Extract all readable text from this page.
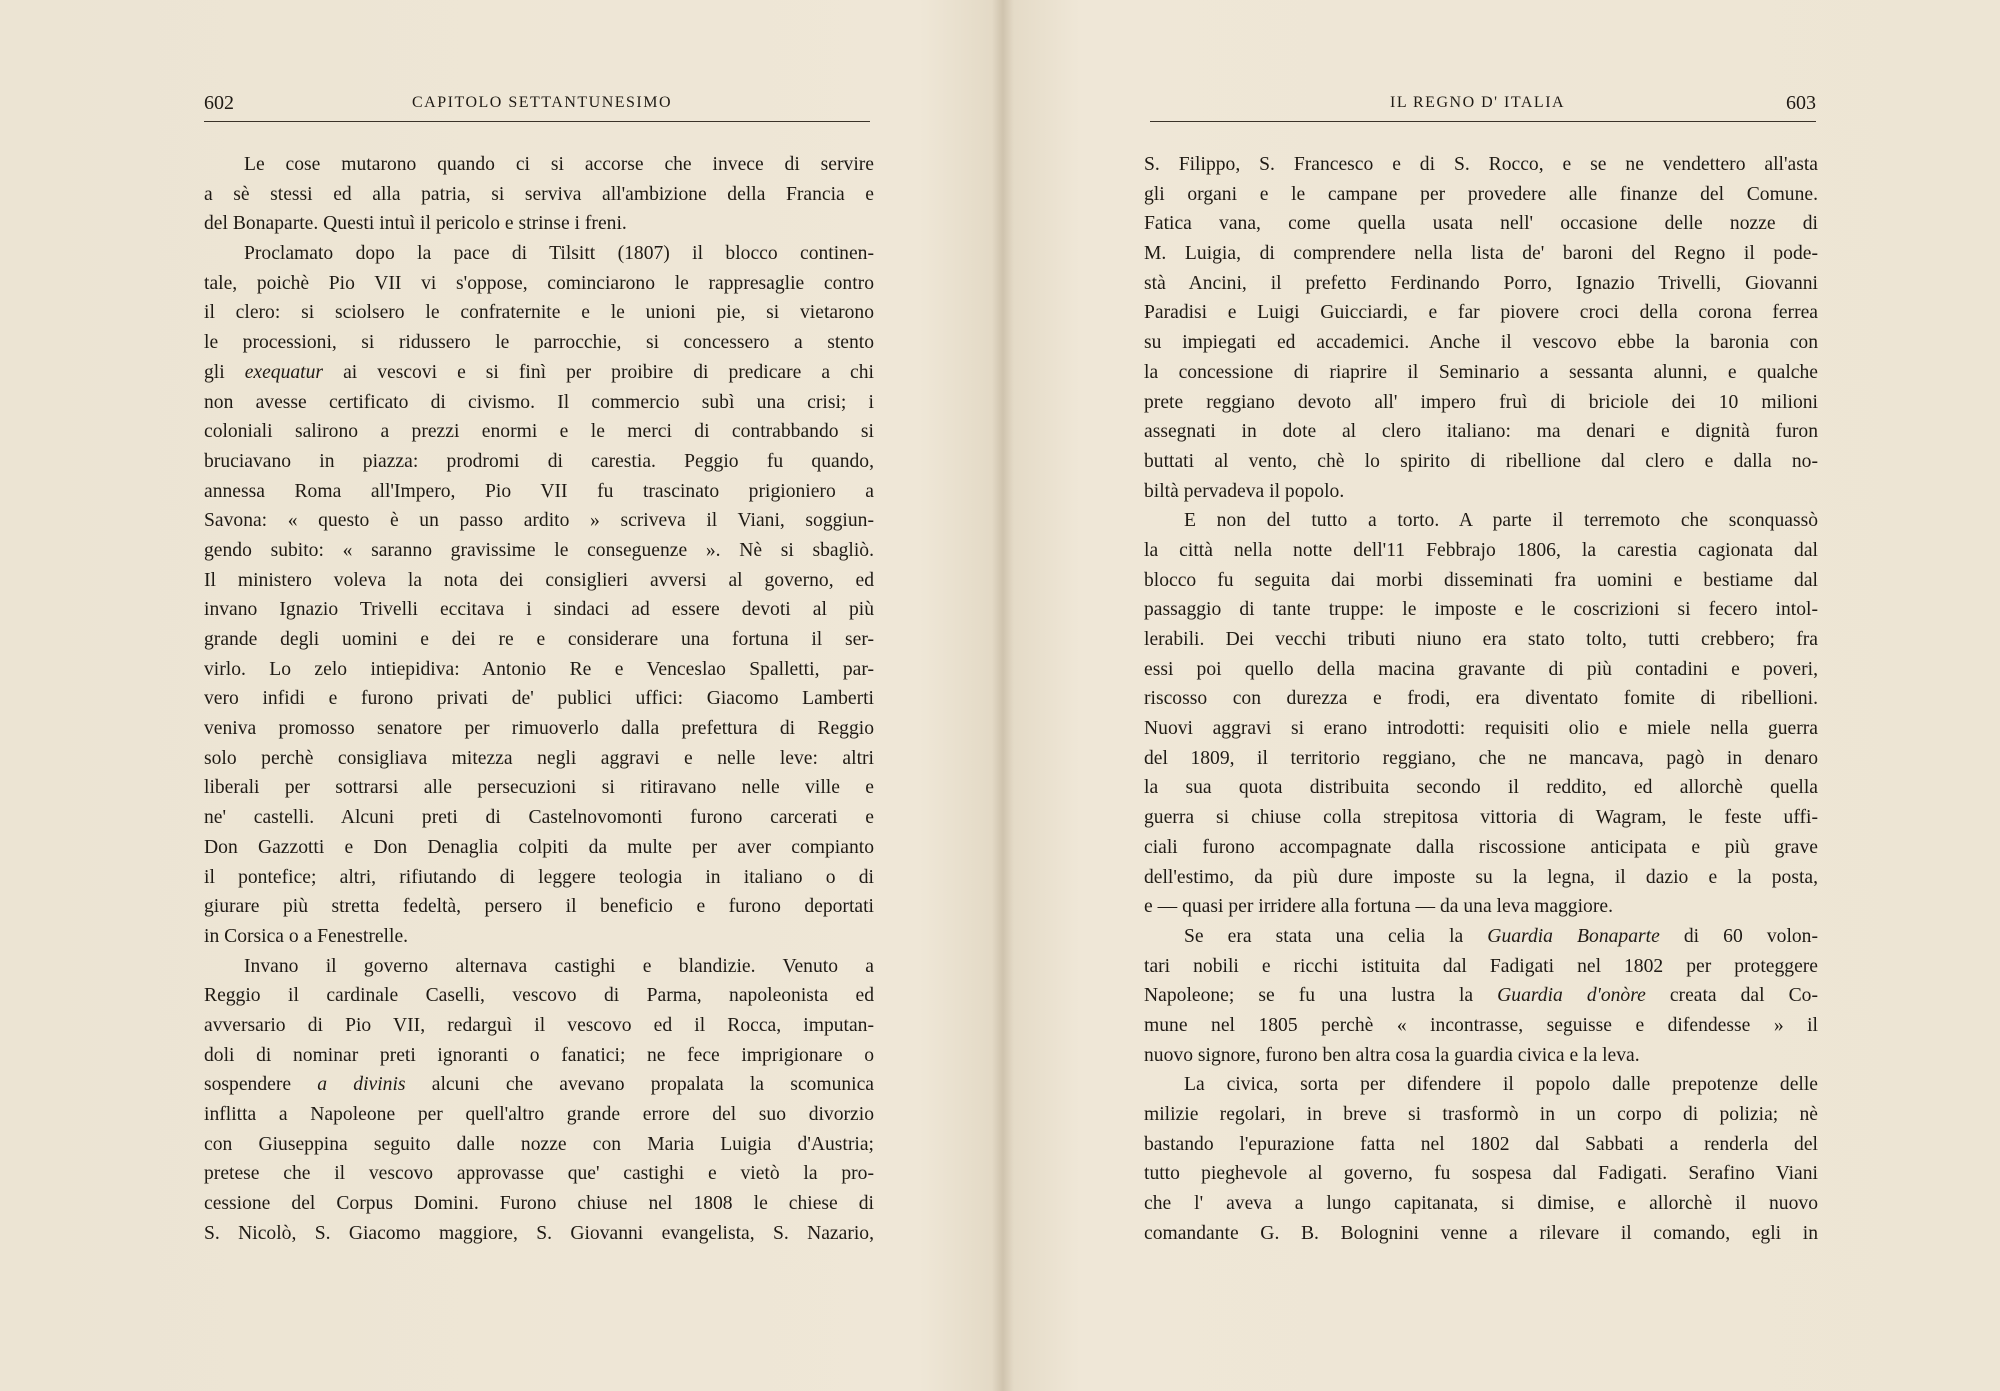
602	CAPITOLO SETTANTUNESIMO
Le cose mutarono quando ci si accorse che invece di servire
a sè stessi ed alla patria, si serviva all'ambizione della Francia e
del Bonaparte. Questi intuì il pericolo e strinse i freni.
Proclamato dopo la pace di Tilsitt (1807) il blocco continen-
tale, poichè Pio VII vi s'oppose, cominciarono le rappresaglie contro
il clero: si sciolsero le confraternite e le unioni pie, si vietarono
le processioni, si ridussero le parrocchie, si concessero a stento
gli exequatur ai vescovi e si finì per proibire di predicare a chi
non avesse certificato di civismo. Il commercio subì una crisi; i
coloniali salirono a prezzi enormi e le merci di contrabbando si
bruciavano in piazza: prodromi di carestia. Peggio fu quando,
annessa Roma all'Impero, Pio VII fu trascinato prigioniero a
Savona: « questo è un passo ardito » scriveva il Viani, soggiun-
gendo subito: « saranno gravissime le conseguenze ». Nè si sbagliò.
Il ministero voleva la nota dei consiglieri avversi al governo, ed
invano Ignazio Trivelli eccitava i sindaci ad essere devoti al più
grande degli uomini e dei re e considerare una fortuna il ser-
virlo. Lo zelo intiepidiva: Antonio Re e Venceslao Spalletti, par-
vero infidi e furono privati de' publici uffici: Giacomo Lamberti
veniva promosso senatore per rimuoverlo dalla prefettura di Reggio
solo perchè consigliava mitezza negli aggravi e nelle leve: altri
liberali per sottrarsi alle persecuzioni si ritiravano nelle ville e
ne' castelli. Alcuni preti di Castelnovomonti furono carcerati e
Don Gazzotti e Don Denaglia colpiti da multe per aver compianto
il pontefice; altri, rifiutando di leggere teologia in italiano o di
giurare più stretta fedeltà, persero il beneficio e furono deportati
in Corsica o a Fenestrelle.
Invano il governo alternava castighi e blandizie. Venuto a
Reggio il cardinale Caselli, vescovo di Parma, napoleonista ed
avversario di Pio VII, redarguì il vescovo ed il Rocca, imputan-
doli di nominar preti ignoranti o fanatici; ne fece imprigionare o
sospendere a divinis alcuni che avevano propalata la scomunica
inflitta a Napoleone per quell'altro grande errore del suo divorzio
con Giuseppina seguito dalle nozze con Maria Luigia d'Austria;
pretese che il vescovo approvasse que' castighi e vietò la pro-
cessione del Corpus Domini. Furono chiuse nel 1808 le chiese di
S. Nicolò, S. Giacomo maggiore, S. Giovanni evangelista, S. Nazario,
IL REGNO D' ITALIA	603
S. Filippo, S. Francesco e di S. Rocco, e se ne vendettero all'asta
gli organi e le campane per provedere alle finanze del Comune.
Fatica vana, come quella usata nell' occasione delle nozze di
M. Luigia, di comprendere nella lista de' baroni del Regno il pode-
stà Ancini, il prefetto Ferdinando Porro, Ignazio Trivelli, Giovanni
Paradisi e Luigi Guicciardi, e far piovere croci della corona ferrea
su impiegati ed accademici. Anche il vescovo ebbe la baronia con
la concessione di riaprire il Seminario a sessanta alunni, e qualche
prete reggiano devoto all' impero fruì di briciole dei 10 milioni
assegnati in dote al clero italiano: ma denari e dignità furon
buttati al vento, chè lo spirito di ribellione dal clero e dalla no-
biltà pervadeva il popolo.
E non del tutto a torto. A parte il terremoto che sconquassò
la città nella notte dell'11 Febbrajo 1806, la carestia cagionata dal
blocco fu seguita dai morbi disseminati fra uomini e bestiame dal
passaggio di tante truppe: le imposte e le coscrizioni si fecero intol-
lerabili. Dei vecchi tributi niuno era stato tolto, tutti crebbero; fra
essi poi quello della macina gravante di più contadini e poveri,
riscosso con durezza e frodi, era diventato fomite di ribellioni.
Nuovi aggravi si erano introdotti: requisiti olio e miele nella guerra
del 1809, il territorio reggiano, che ne mancava, pagò in denaro
la sua quota distribuita secondo il reddito, ed allorchè quella
guerra si chiuse colla strepitosa vittoria di Wagram, le feste uffi-
ciali furono accompagnate dalla riscossione anticipata e più grave
dell'estimo, da più dure imposte su la legna, il dazio e la posta,
e — quasi per irridere alla fortuna — da una leva maggiore.
Se era stata una celia la Guardia Bonaparte di 60 volon-
tari nobili e ricchi istituita dal Fadigati nel 1802 per proteggere
Napoleone; se fu una lustra la Guardia d'onòre creata dal Co-
mune nel 1805 perchè « incontrasse, seguisse e difendesse » il
nuovo signore, furono ben altra cosa la guardia civica e la leva.
La civica, sorta per difendere il popolo dalle prepotenze delle
milizie regolari, in breve si trasformò in un corpo di polizia; nè
bastando l'epurazione fatta nel 1802 dal Sabbati a renderla del
tutto pieghevole al governo, fu sospesa dal Fadigati. Serafino Viani
che l' aveva a lungo capitanata, si dimise, e allorchè il nuovo
comandante G. B. Bolognini venne a rilevare il comando, egli in
